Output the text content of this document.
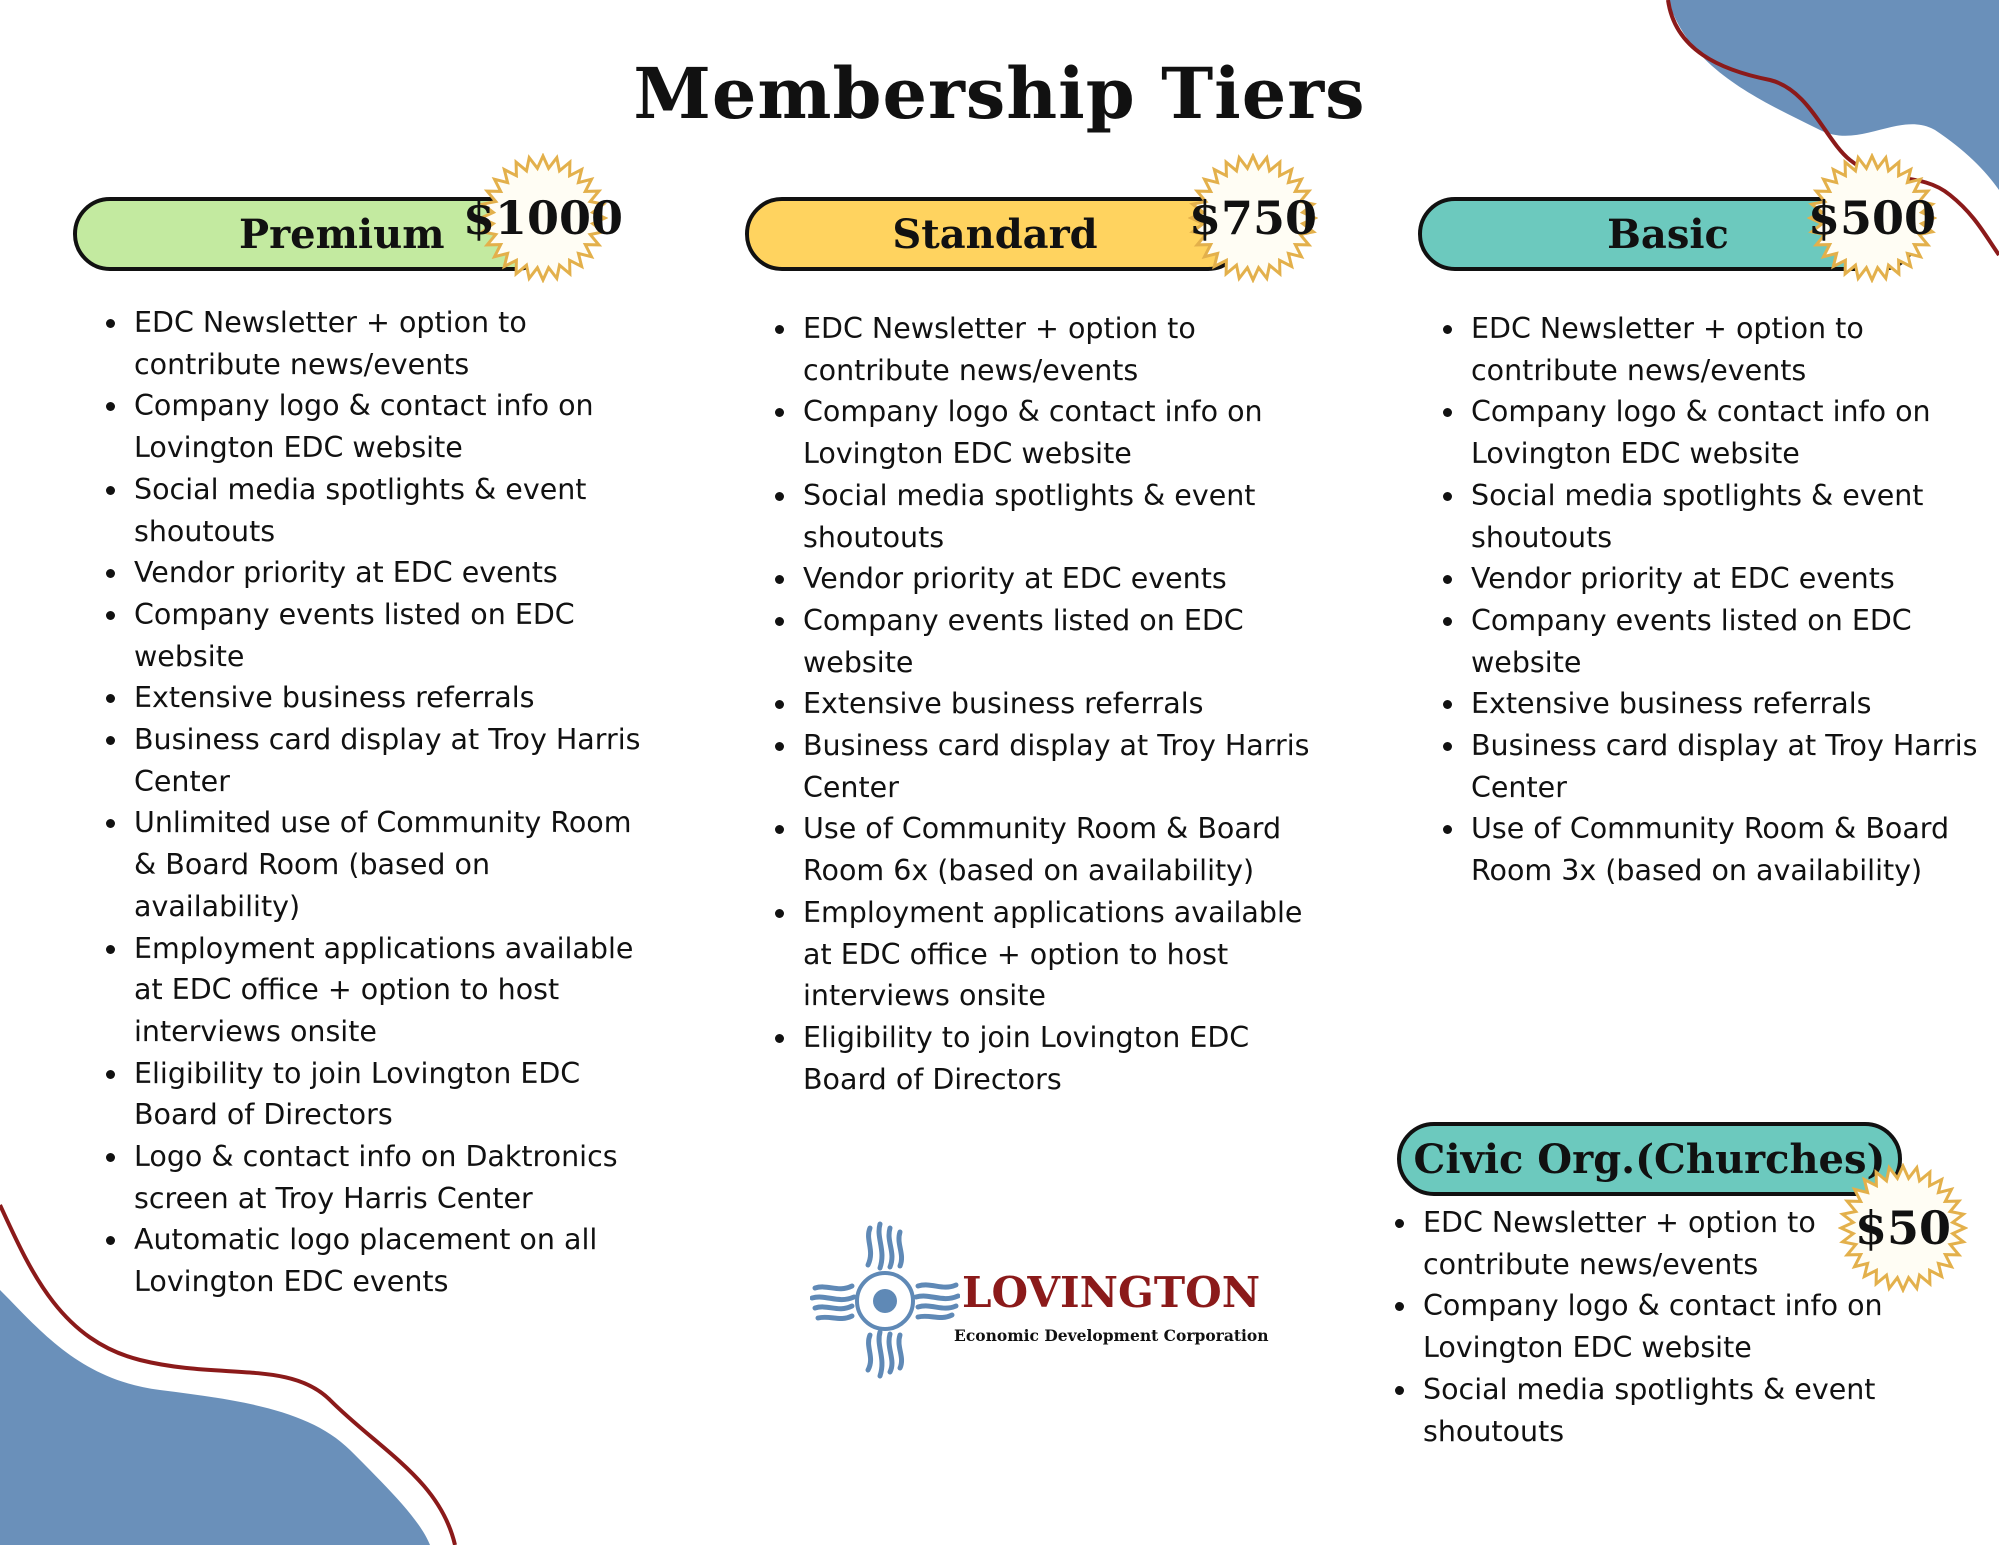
Membership Tiers
Premium $1000
• EDC Newsletter + option to contribute news/events
• Company logo & contact info on Lovington EDC website
• Social media spotlights & event shoutouts
• Vendor priority at EDC events
• Company events listed on EDC website
• Extensive business referrals
• Business card display at Troy Harris Center
• Unlimited use of Community Room & Board Room (based on availability)
• Employment applications available at EDC office + option to host interviews onsite
• Eligibility to join Lovington EDC Board of Directors
• Logo & contact info on Daktronics screen at Troy Harris Center
• Automatic logo placement on all Lovington EDC events
Standard	$750
• EDC Newsletter + option to contribute news/events
• Company logo & contact info on Lovington EDC website
• Social media spotlights & event shoutouts
• Vendor priority at EDC events
• Company events listed on EDC website
• Extensive business referrals
• Business card display at Troy Harris Center
• Use of Community Room & Board Room 6x (based on availability)
• Employment applications available at EDC office + option to host interviews onsite
• Eligibility to join Lovington EDC Board of Directors
Basic	$500
• EDC Newsletter + option to contribute news/events
• Company logo & contact info on Lovington EDC website
• Social media spotlights & event shoutouts
• Vendor priority at EDC events
• Company events listed on EDC website
• Extensive business referrals
• Business card display at Troy Harris Center
• Use of Community Room & Board Room 3x (based on availability)
Civic Org.(Churches)
$50
• EDC Newsletter + option to contribute news/events
• Company logo & contact info on Lovington EDC website
• Social media spotlights & event shoutouts
LOVINGTON
Economic Development Corporation
